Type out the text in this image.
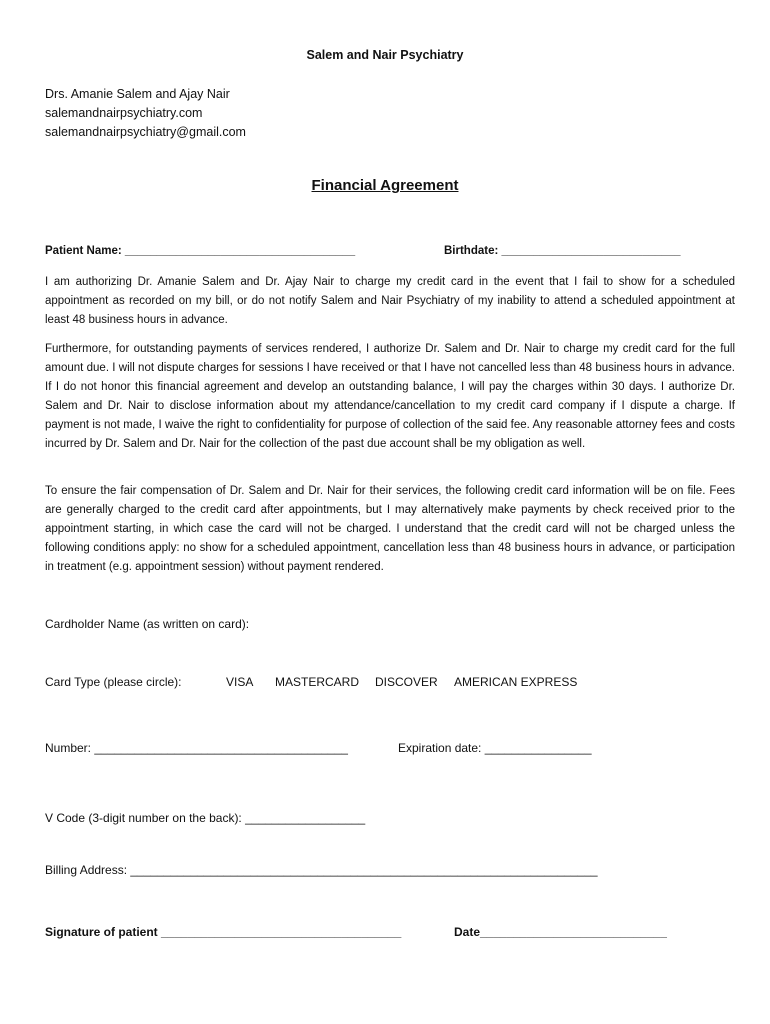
Salem and Nair Psychiatry
Drs. Amanie Salem and Ajay Nair
salemandnairpsychiatry.com
salemandnairpsychiatry@gmail.com
Financial Agreement
Patient Name: ____________________________________	Birthdate: ____________________________
I am authorizing Dr. Amanie Salem and Dr. Ajay Nair to charge my credit card in the event that I fail to show for a scheduled appointment as recorded on my bill, or do not notify Salem and Nair Psychiatry of my inability to attend a scheduled appointment at least 48 business hours in advance.
Furthermore, for outstanding payments of services rendered, I authorize Dr. Salem and Dr. Nair to charge my credit card for the full amount due. I will not dispute charges for sessions I have received or that I have not cancelled less than 48 business hours in advance. If I do not honor this financial agreement and develop an outstanding balance, I will pay the charges within 30 days. I authorize Dr. Salem and Dr. Nair to disclose information about my attendance/cancellation to my credit card company if I dispute a charge. If payment is not made, I waive the right to confidentiality for purpose of collection of the said fee. Any reasonable attorney fees and costs incurred by Dr. Salem and Dr. Nair for the collection of the past due account shall be my obligation as well.
To ensure the fair compensation of Dr. Salem and Dr. Nair for their services, the following credit card information will be on file. Fees are generally charged to the credit card after appointments, but I may alternatively make payments by check received prior to the appointment starting, in which case the card will not be charged. I understand that the credit card will not be charged unless the following conditions apply: no show for a scheduled appointment, cancellation less than 48 business hours in advance, or participation in treatment (e.g. appointment session) without payment rendered.
Cardholder Name (as written on card):
Card Type (please circle):	VISA MASTERCARD DISCOVER AMERICAN EXPRESS
Number: ______________________________________	Expiration date: ________________
V Code (3-digit number on the back): __________________
Billing Address: ______________________________________________________________________
Signature of patient ____________________________________	Date____________________________
